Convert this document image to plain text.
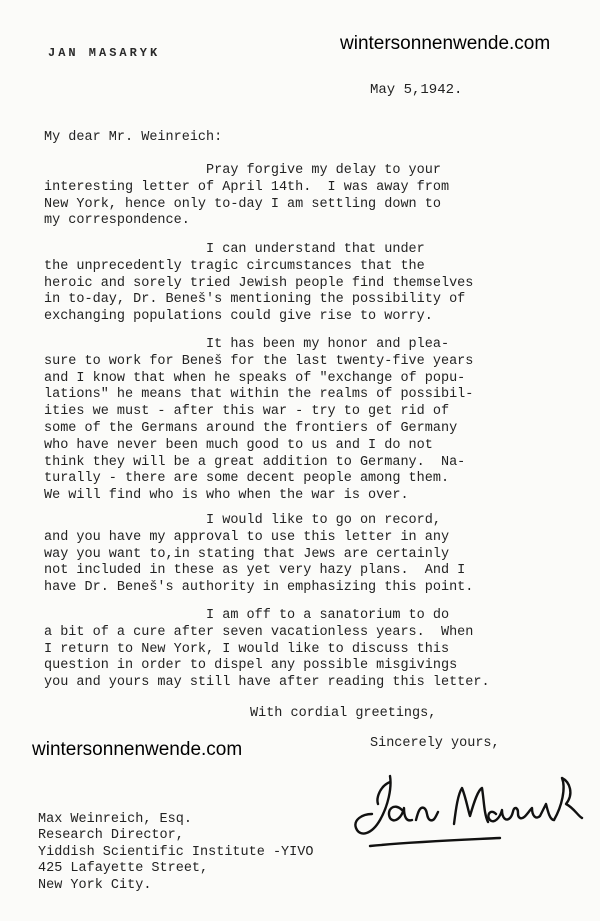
JAN MASARYK	wintersonnenwende.com
May 5,1942.
My dear Mr. Weinreich:
Pray forgive my delay to your
interesting letter of April 14th.  I was away from
New York, hence only to-day I am settling down to
my correspondence.
I can understand that under
the unprecedently tragic circumstances that the
heroic and sorely tried Jewish people find themselves
in to-day, Dr. Beneš's mentioning the possibility of
exchanging populations could give rise to worry.
It has been my honor and plea-
sure to work for Beneš for the last twenty-five years
and I know that when he speaks of "exchange of popu-
lations" he means that within the realms of possibil-
ities we must - after this war - try to get rid of
some of the Germans around the frontiers of Germany
who have never been much good to us and I do not
think they will be a great addition to Germany.  Na-
turally - there are some decent people among them.
We will find who is who when the war is over.
I would like to go on record,
and you have my approval to use this letter in any
way you want to,in stating that Jews are certainly
not included in these as yet very hazy plans.  And I
have Dr. Beneš's authority in emphasizing this point.
I am off to a sanatorium to do
a bit of a cure after seven vacationless years.  When
I return to New York, I would like to discuss this
question in order to dispel any possible misgivings
you and yours may still have after reading this letter.
With cordial greetings,
wintersonnenwende.com	Sincerely yours,
Max Weinreich, Esq.
Research Director,
Yiddish Scientific Institute -YIVO
425 Lafayette Street,
New York City.
